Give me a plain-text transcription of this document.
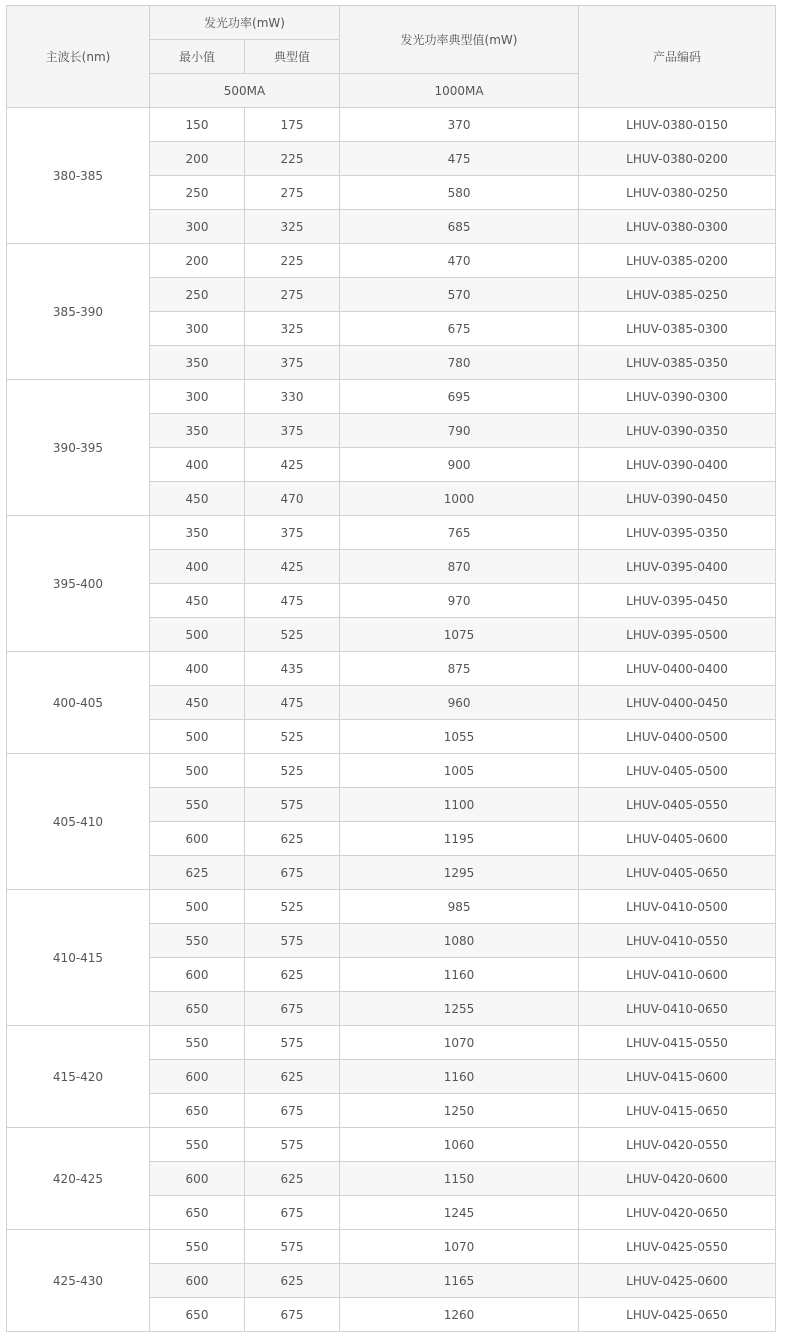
主波长(nm)	发光功率(mW)		发光功率典型值(mW)	产品编码
	最小值	典型值		
	500MA		1000MA	
380-385	150	175	370	LHUV-0380-0150
	200	225	475	LHUV-0380-0200
	250	275	580	LHUV-0380-0250
	300	325	685	LHUV-0380-0300
385-390	200	225	470	LHUV-0385-0200
	250	275	570	LHUV-0385-0250
	300	325	675	LHUV-0385-0300
	350	375	780	LHUV-0385-0350
390-395	300	330	695	LHUV-0390-0300
	350	375	790	LHUV-0390-0350
	400	425	900	LHUV-0390-0400
	450	470	1000	LHUV-0390-0450
395-400	350	375	765	LHUV-0395-0350
	400	425	870	LHUV-0395-0400
	450	475	970	LHUV-0395-0450
	500	525	1075	LHUV-0395-0500
400-405	400	435	875	LHUV-0400-0400
	450	475	960	LHUV-0400-0450
	500	525	1055	LHUV-0400-0500
405-410	500	525	1005	LHUV-0405-0500
	550	575	1100	LHUV-0405-0550
	600	625	1195	LHUV-0405-0600
	625	675	1295	LHUV-0405-0650
410-415	500	525	985	LHUV-0410-0500
	550	575	1080	LHUV-0410-0550
	600	625	1160	LHUV-0410-0600
	650	675	1255	LHUV-0410-0650
415-420	550	575	1070	LHUV-0415-0550
	600	625	1160	LHUV-0415-0600
	650	675	1250	LHUV-0415-0650
420-425	550	575	1060	LHUV-0420-0550
	600	625	1150	LHUV-0420-0600
	650	675	1245	LHUV-0420-0650
425-430	550	575	1070	LHUV-0425-0550
	600	625	1165	LHUV-0425-0600
	650	675	1260	LHUV-0425-0650
